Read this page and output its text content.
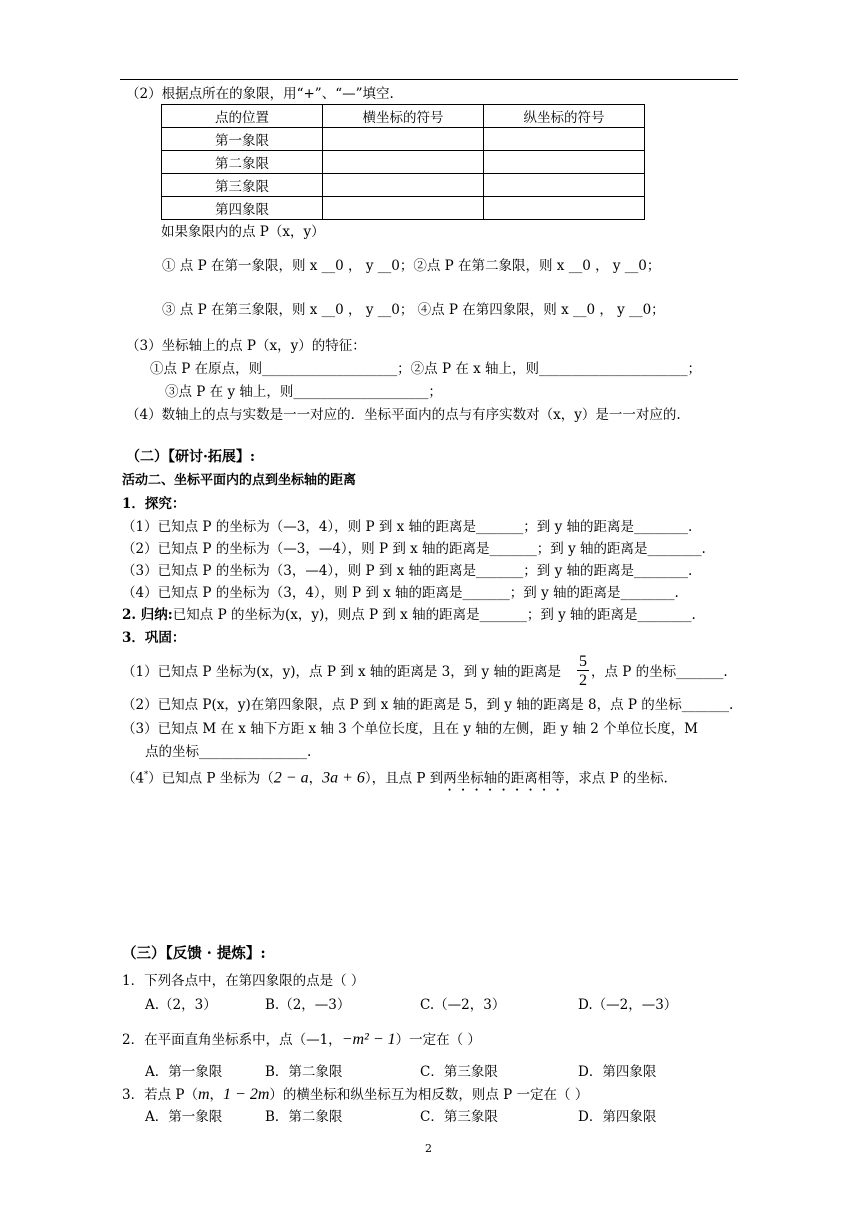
（2）根据点所在的象限，用“+”、“—”填空.
点的位置	横坐标的符号	纵坐标的符号
第一象限		
第二象限		
第三象限		
第四象限		
如果象限内的点 P（x，y）
① 点 P 在第一象限，则 x __0 ， y __0；②点 P 在第二象限，则 x __0 ， y __0；
③ 点 P 在第三象限，则 x __0 ， y __0； ④点 P 在第四象限，则 x __0 ， y __0；
（3）坐标轴上的点 P（x，y）的特征：
①点 P 在原点，则____________________；②点 P 在 x 轴上，则______________________；
③点 P 在 y 轴上，则____________________；
（4）数轴上的点与实数是一一对应的．坐标平面内的点与有序实数对（x，y）是一一对应的.
（二）【研讨·拓展】:
活动二、坐标平面内的点到坐标轴的距离
1．探究：
（1）已知点 P 的坐标为（—3，4），则 P 到 x 轴的距离是_______；到 y 轴的距离是________.
（2）已知点 P 的坐标为（—3，—4），则 P 到 x 轴的距离是_______；到 y 轴的距离是________.
（3）已知点 P 的坐标为（3，—4），则 P 到 x 轴的距离是_______；到 y 轴的距离是________.
（4）已知点 P 的坐标为（3，4），则 P 到 x 轴的距离是_______；到 y 轴的距离是________.
2. 归纳:已知点 P 的坐标为(x，y)，则点 P 到 x 轴的距离是_______；到 y 轴的距离是________.
3．巩固：
（1）已知点 P 坐标为(x，y)，点 P 到 x 轴的距离是 3，到 y 轴的距离是
5
2 ，点 P 的坐标_______.
（2）已知点 P(x，y)在第四象限，点 P 到 x 轴的距离是 5，到 y 轴的距离是 8，点 P 的坐标_______.
（3）已知点 M 在 x 轴下方距 x 轴 3 个单位长度，且在 y 轴的左侧，距 y 轴 2 个单位长度，M
点的坐标________________.
（4*）已知点 P 坐标为（2 − a，3a + 6），且点 P 到两坐标轴的距离相等，求点 P 的坐标.
（三）【反馈 · 提炼】:
1．下列各点中，在第四象限的点是（ ）
A.（2，3）	B.（2，—3）	C.（—2，3）	D.（—2，—3）
2．在平面直角坐标系中，点（—1，−m² − 1）一定在（ ）
A．第一象限	B．第二象限	C．第三象限	D．第四象限
3．若点 P（m，1 − 2m）的横坐标和纵坐标互为相反数，则点 P 一定在（ ）
A．第一象限	B．第二象限	C．第三象限	D．第四象限
2
